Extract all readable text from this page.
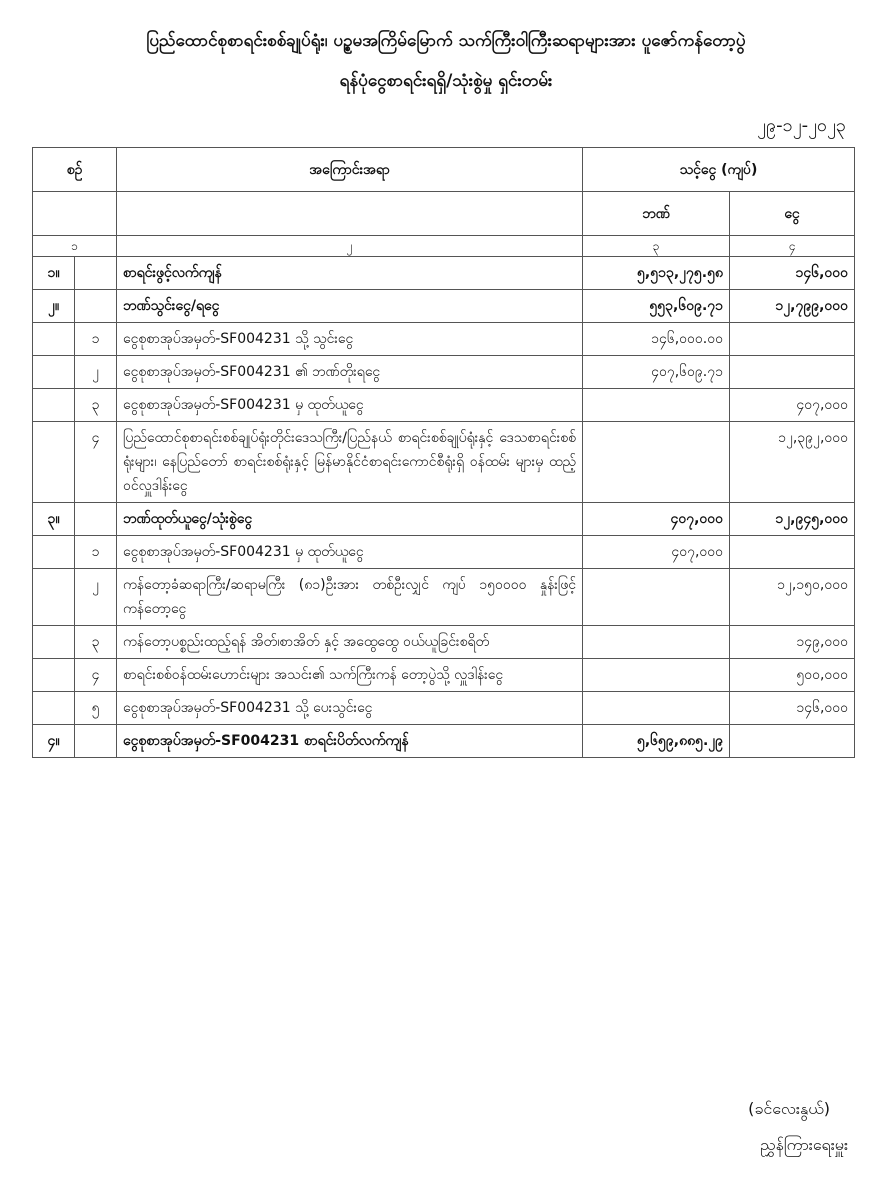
ပြည်ထောင်စုစာရင်းစစ်ချုပ်ရုံး၊ ပဉ္စမအကြိမ်မြောက် သက်ကြီးဝါကြီးဆရာများအား ပူဇော်ကန်တော့ပွဲ
ရန်ပုံငွေစာရင်းရရှိ/သုံးစွဲမှု ရှင်းတမ်း
၂၉-၁၂-၂၀၂၃
စဉ်		အကြောင်းအရာ	သင့်ငွေ (ကျပ်)	
			ဘဏ်	ငွေ
၁		၂	၃	၄
၁။		စာရင်းဖွင့်လက်ကျန်	၅,၅၁၃,၂၇၅.၅၈	၁၄၆,၀၀၀
၂။		ဘဏ်သွင်းငွေ/ရငွေ	၅၅၃,၆၀၉.၇၁	၁၂,၇၉၉,၀၀၀
	၁	ငွေစုစာအုပ်အမှတ်-SF004231 သို့ သွင်းငွေ	၁၄၆,၀၀၀.၀၀	
	၂	ငွေစုစာအုပ်အမှတ်-SF004231 ၏ ဘဏ်တိုးရငွေ	၄၀၇,၆၀၉.၇၁	
	၃	ငွေစုစာအုပ်အမှတ်-SF004231 မှ ထုတ်ယူငွေ		၄၀၇,၀၀၀
	၄	ပြည်ထောင်စုစာရင်းစစ်ချုပ်ရုံးတိုင်းဒေသကြီး/ပြည်နယ် စာရင်းစစ်ချုပ်ရုံးနှင့် ဒေသစာရင်းစစ်ရုံးများ၊ နေပြည်တော် စာရင်းစစ်ရုံးနှင့် မြန်မာနိုင်ငံစာရင်းကောင်စီရုံးရှိ ဝန်ထမ်း များမှ ထည့်ဝင်လှူဒါန်းငွေ		၁၂,၃၉၂,၀၀၀
၃။		ဘဏ်ထုတ်ယူငွေ/သုံးစွဲငွေ	၄၀၇,၀၀၀	၁၂,၉၄၅,၀၀၀
	၁	ငွေစုစာအုပ်အမှတ်-SF004231 မှ ထုတ်ယူငွေ	၄၀၇,၀၀၀	
	၂	ကန်တော့ခံဆရာကြီး/ဆရာမကြီး (၈၁)ဦးအား တစ်ဦးလျှင် ကျပ် ၁၅၀၀၀၀ နှုန်းဖြင့် ကန်တော့ငွေ		၁၂,၁၅၀,၀၀၀
	၃	ကန်တော့ပစ္စည်းထည့်ရန် အိတ်၊စာအိတ် နှင့် အထွေထွေ ဝယ်ယူခြင်းစရိတ်		၁၄၉,၀၀၀
	၄	စာရင်းစစ်ဝန်ထမ်းဟောင်းများ အသင်း၏ သက်ကြီးကန် တော့ပွဲသို့ လှူဒါန်းငွေ		၅၀၀,၀၀၀
	၅	ငွေစုစာအုပ်အမှတ်-SF004231 သို့ ပေးသွင်းငွေ		၁၄၆,၀၀၀
၄။		ငွေစုစာအုပ်အမှတ်-SF004231 စာရင်းပိတ်လက်ကျန်	၅,၆၅၉,၈၈၅.၂၉	
(ခင်လေးနွယ်)
ညွှန်ကြားရေးမှူး
